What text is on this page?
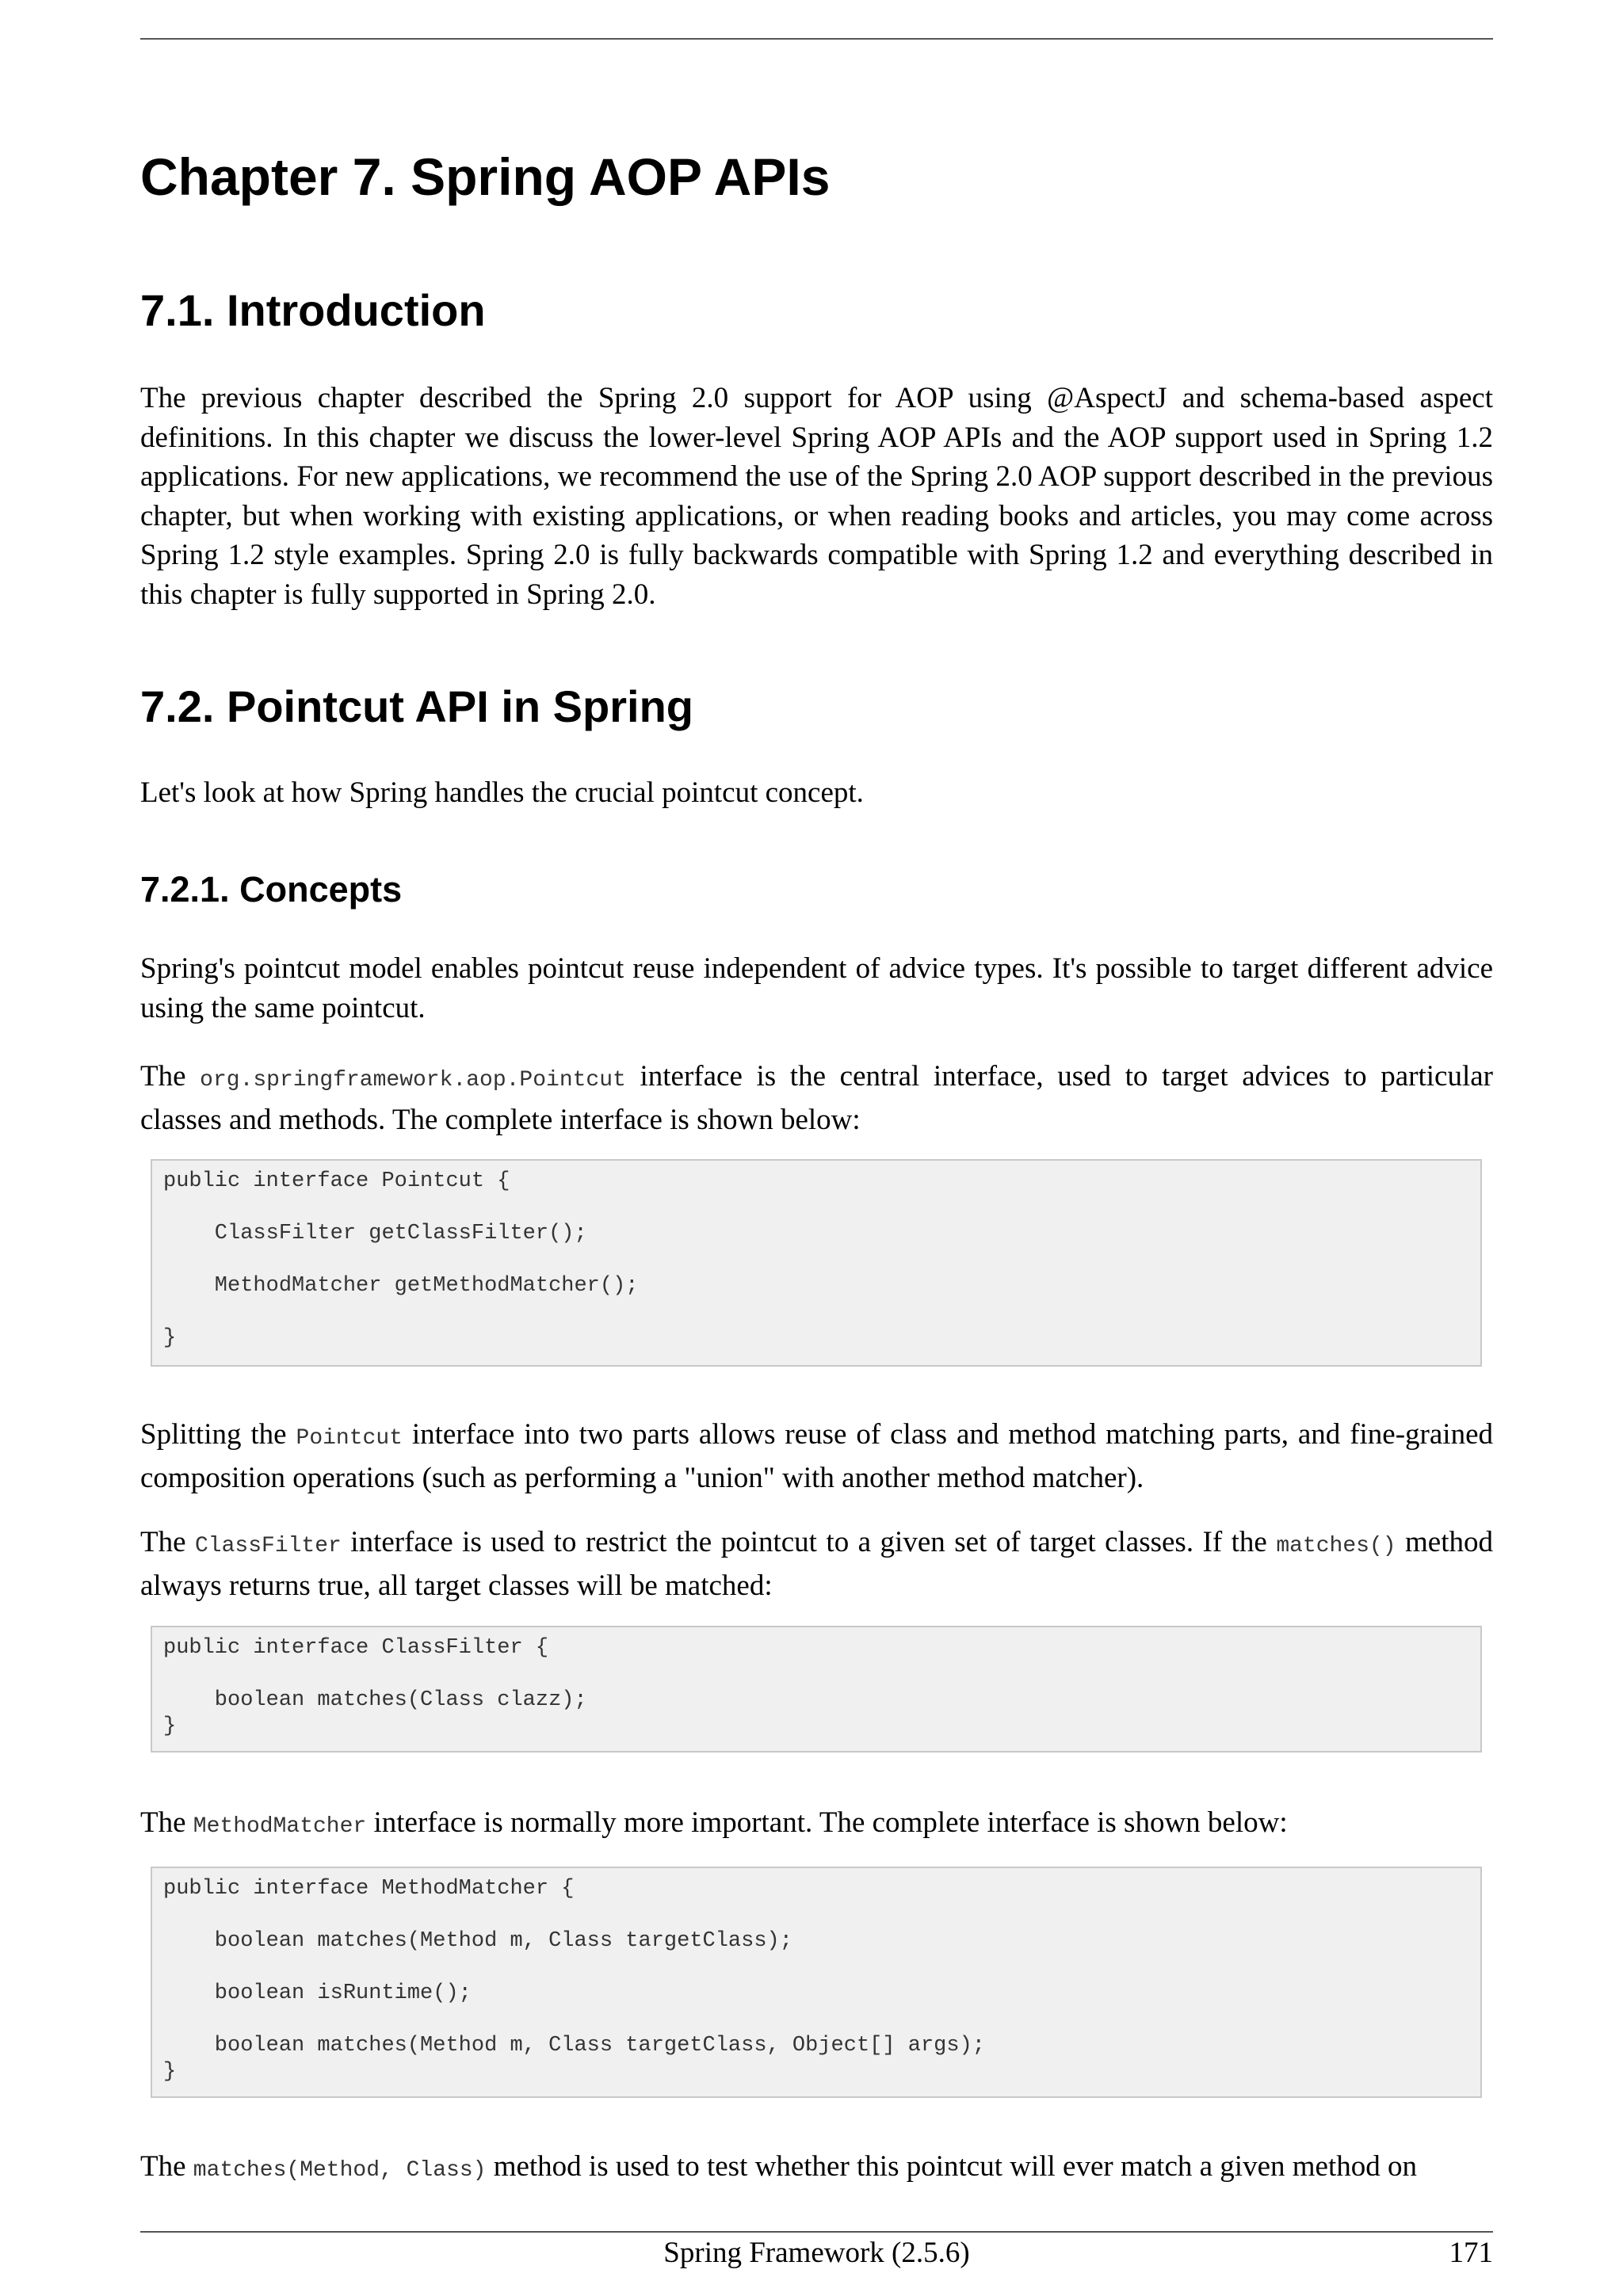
Chapter 7. Spring AOP APIs
7.1. Introduction

The previous chapter described the Spring 2.0 support for AOP using @AspectJ and schema-based aspect definitions. In this chapter we discuss the lower-level Spring AOP APIs and the AOP support used in Spring 1.2 applications. For new applications, we recommend the use of the Spring 2.0 AOP support described in the previous chapter, but when working with existing applications, or when reading books and articles, you may come across Spring 1.2 style examples. Spring 2.0 is fully backwards compatible with Spring 1.2 and everything described in this chapter is fully supported in Spring 2.0.

7.2. Pointcut API in Spring

Let's look at how Spring handles the crucial pointcut concept.

7.2.1. Concepts

Spring's pointcut model enables pointcut reuse independent of advice types. It's possible to target different advice using the same pointcut.

The org.springframework.aop.Pointcut interface is the central interface, used to target advices to particular classes and methods. The complete interface is shown below:

public interface Pointcut {

ClassFilter getClassFilter();

MethodMatcher getMethodMatcher();

}

Splitting the Pointcut interface into two parts allows reuse of class and method matching parts, and fine-grained composition operations (such as performing a "union" with another method matcher).

The ClassFilter interface is used to restrict the pointcut to a given set of target classes. If the matches() method always returns true, all target classes will be matched:

public interface ClassFilter {

boolean matches(Class clazz);
}

The MethodMatcher interface is normally more important. The complete interface is shown below:

public interface MethodMatcher {

boolean matches(Method m, Class targetClass);

boolean isRuntime();

boolean matches(Method m, Class targetClass, Object[] args);
}

The matches(Method, Class) method is used to test whether this pointcut will ever match a given method on

Spring Framework (2.5.6)	171
